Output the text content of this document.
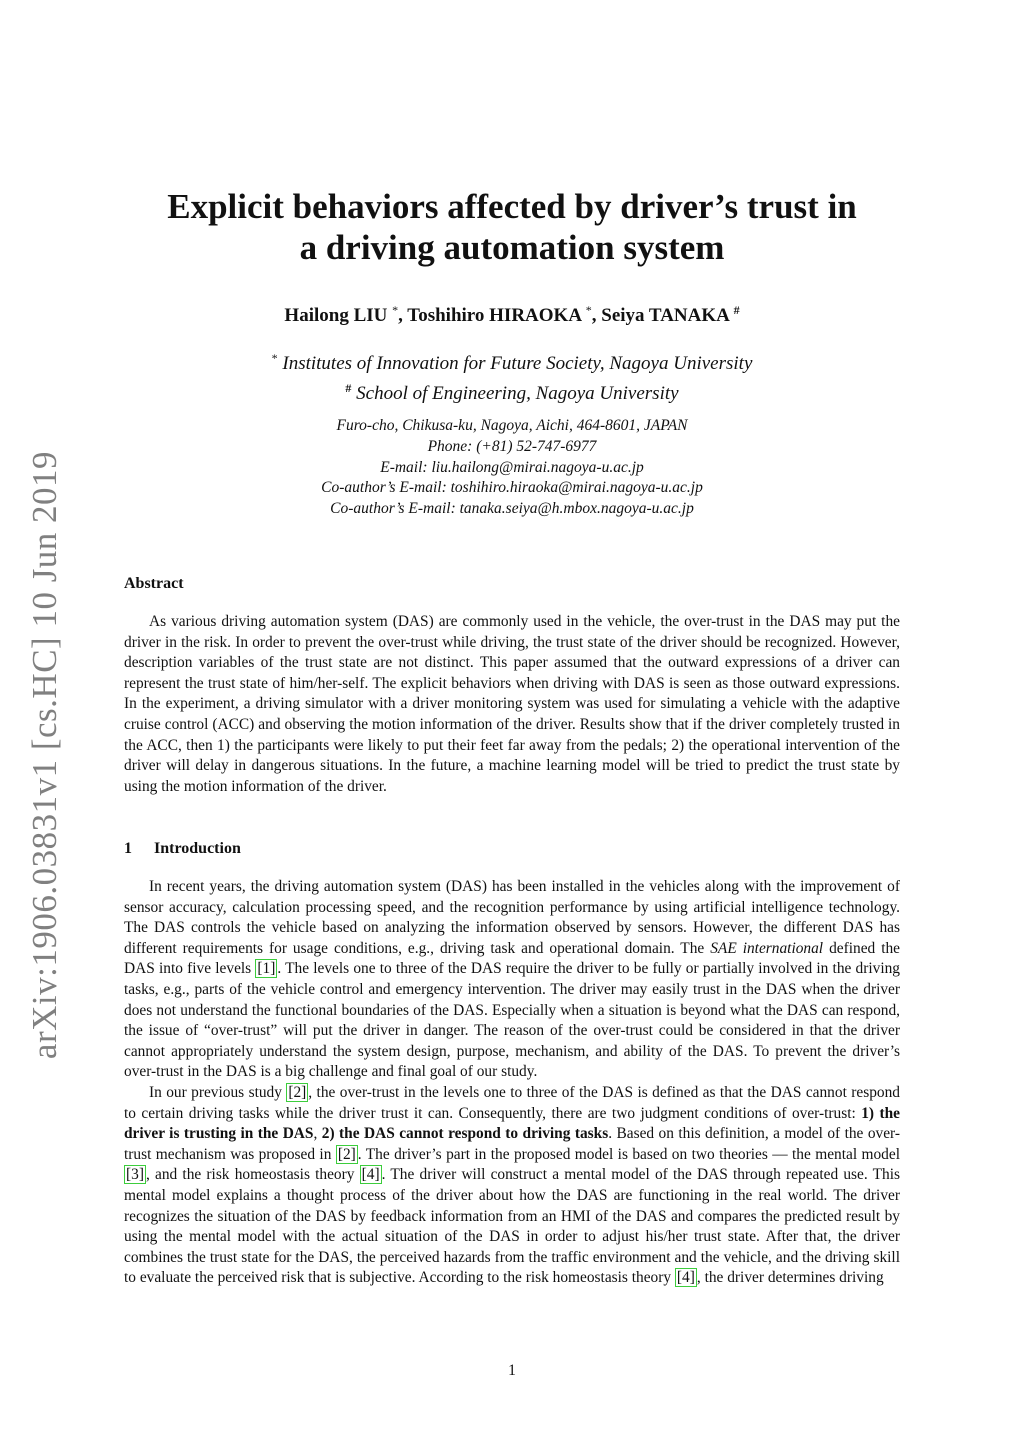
arXiv:1906.03831v1 [cs.HC] 10 Jun 2019
Explicit behaviors affected by driver’s trust in
a driving automation system
Hailong LIU *, Toshihiro HIRAOKA *, Seiya TANAKA #
* Institutes of Innovation for Future Society, Nagoya University
# School of Engineering, Nagoya University
Furo-cho, Chikusa-ku, Nagoya, Aichi, 464-8601, JAPAN
Phone: (+81) 52-747-6977
E-mail: liu.hailong@mirai.nagoya-u.ac.jp
Co-author’s E-mail: toshihiro.hiraoka@mirai.nagoya-u.ac.jp
Co-author’s E-mail: tanaka.seiya@h.mbox.nagoya-u.ac.jp
Abstract

As various driving automation system (DAS) are commonly used in the vehicle, the over-trust in the DAS may put the driver in the risk. In order to prevent the over-trust while driving, the trust state of the driver should be recognized. However, description variables of the trust state are not distinct. This paper assumed that the outward expressions of a driver can represent the trust state of him/her-self. The explicit behaviors when driving with DAS is seen as those outward expressions. In the experiment, a driving simulator with a driver monitoring system was used for simulating a vehicle with the adaptive cruise control (ACC) and observing the motion information of the driver. Results show that if the driver completely trusted in the ACC, then 1) the participants were likely to put their feet far away from the pedals; 2) the operational intervention of the driver will delay in dangerous situations. In the future, a machine learning model will be tried to predict the trust state by using the motion information of the driver.

1 Introduction

In recent years, the driving automation system (DAS) has been installed in the vehicles along with the improvement of sensor accuracy, calculation processing speed, and the recognition performance by using artificial intelligence technology. The DAS controls the vehicle based on analyzing the information observed by sensors. However, the different DAS has different requirements for usage conditions, e.g., driving task and operational domain. The SAE international defined the DAS into five levels [1] . The levels one to three of the DAS require the driver to be fully or partially involved in the driving tasks, e.g., parts of the vehicle control and emergency intervention. The driver may easily trust in the DAS when the driver does not understand the functional boundaries of the DAS. Especially when a situation is beyond what the DAS can respond, the issue of “over-trust” will put the driver in danger. The reason of the over-trust could be considered in that the driver cannot appropriately understand the system design, purpose, mechanism, and ability of the DAS. To prevent the driver’s over-trust in the DAS is a big challenge and final goal of our study.

In our previous study [2] , the over-trust in the levels one to three of the DAS is defined as that the DAS cannot respond to certain driving tasks while the driver trust it can. Consequently, there are two judgment conditions of over-trust: 1) the driver is trusting in the DAS, 2) the DAS cannot respond to driving tasks. Based on this definition, a model of the over-trust mechanism was proposed in [2] . The driver’s part in the proposed model is based on two theories — the mental model [3] , and the risk homeostasis theory [4] . The driver will construct a mental model of the DAS through repeated use. This mental model explains a thought process of the driver about how the DAS are functioning in the real world. The driver recognizes the situation of the DAS by feedback information from an HMI of the DAS and compares the predicted result by using the mental model with the actual situation of the DAS in order to adjust his/her trust state. After that, the driver combines the trust state for the DAS, the perceived hazards from the traffic environment and the vehicle, and the driving skill to evaluate the perceived risk that is subjective. According to the risk homeostasis theory [4] , the driver determines driving

1
